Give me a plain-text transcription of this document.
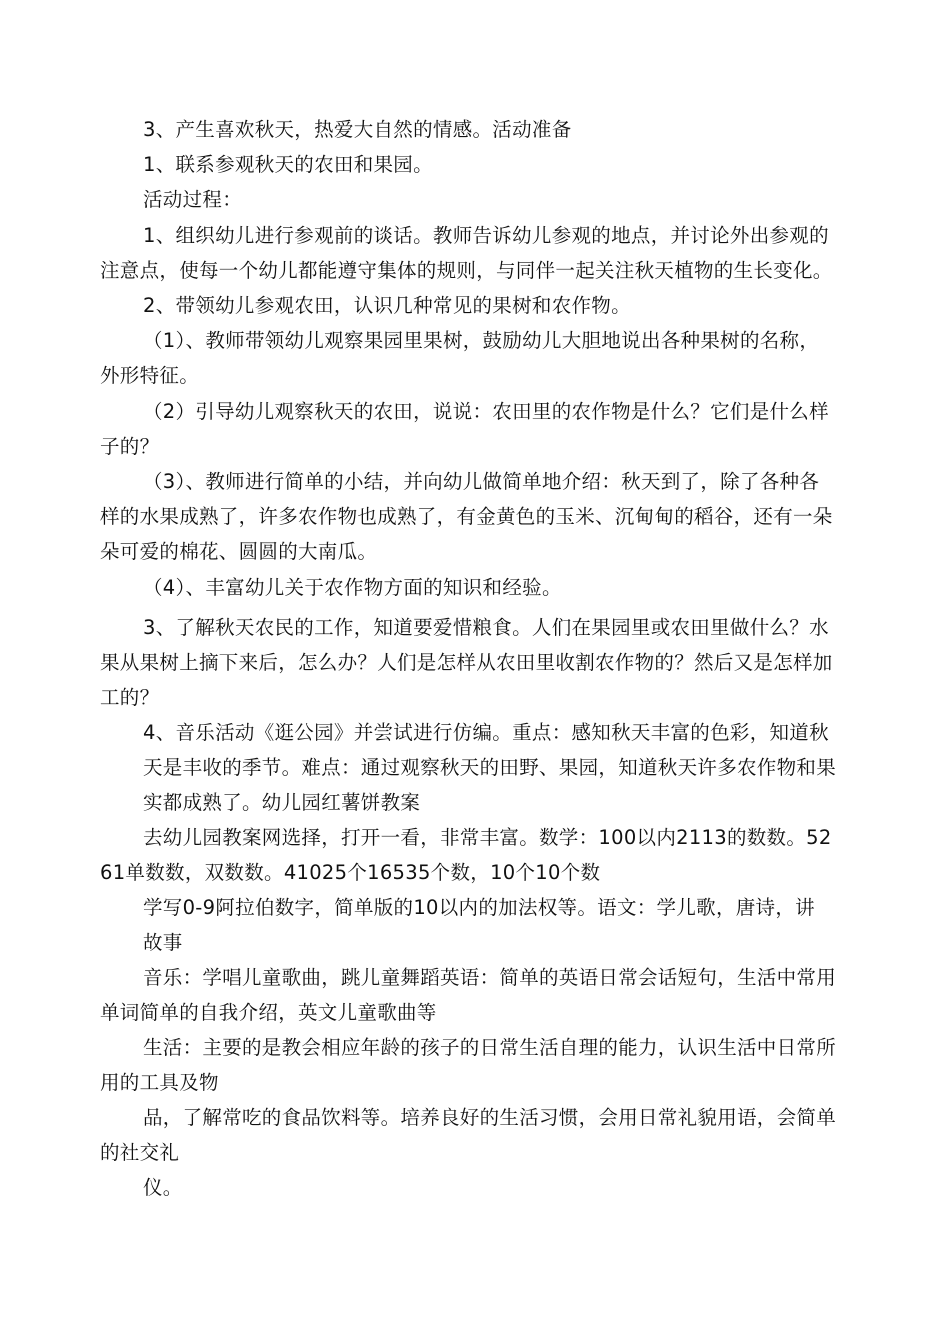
3、产生喜欢秋天，热爱大自然的情感。活动准备

1、联系参观秋天的农田和果园。

活动过程：

1、组织幼儿进行参观前的谈话。教师告诉幼儿参观的地点，并讨论外出参观的

注意点，使每一个幼儿都能遵守集体的规则，与同伴一起关注秋天植物的生长变化。

2、带领幼儿参观农田，认识几种常见的果树和农作物。

（1）、教师带领幼儿观察果园里果树，鼓励幼儿大胆地说出各种果树的名称，

外形特征。

（2）引导幼儿观察秋天的农田，说说：农田里的农作物是什么？它们是什么样

子的？

（3）、教师进行简单的小结，并向幼儿做简单地介绍：秋天到了，除了各种各

样的水果成熟了，许多农作物也成熟了，有金黄色的玉米、沉甸甸的稻谷，还有一朵

朵可爱的棉花、圆圆的大南瓜。

（4）、丰富幼儿关于农作物方面的知识和经验。

3、了解秋天农民的工作，知道要爱惜粮食。人们在果园里或农田里做什么？水

果从果树上摘下来后，怎么办？人们是怎样从农田里收割农作物的？然后又是怎样加

工的？

4、音乐活动《逛公园》并尝试进行仿编。重点：感知秋天丰富的色彩，知道秋

天是丰收的季节。难点：通过观察秋天的田野、果园，知道秋天许多农作物和果

实都成熟了。幼儿园红薯饼教案

去幼儿园教案网选择，打开一看，非常丰富。数学：100以内2113的数数。52

61单数数，双数数。41025个16535个数，10个10个数

学写0-9阿拉伯数字，简单版的10以内的加法权等。语文：学儿歌，唐诗，讲

故事

音乐：学唱儿童歌曲，跳儿童舞蹈英语：简单的英语日常会话短句，生活中常用

单词简单的自我介绍，英文儿童歌曲等

生活：主要的是教会相应年龄的孩子的日常生活自理的能力，认识生活中日常所

用的工具及物

品，了解常吃的食品饮料等。培养良好的生活习惯，会用日常礼貌用语，会简单

的社交礼

仪。
